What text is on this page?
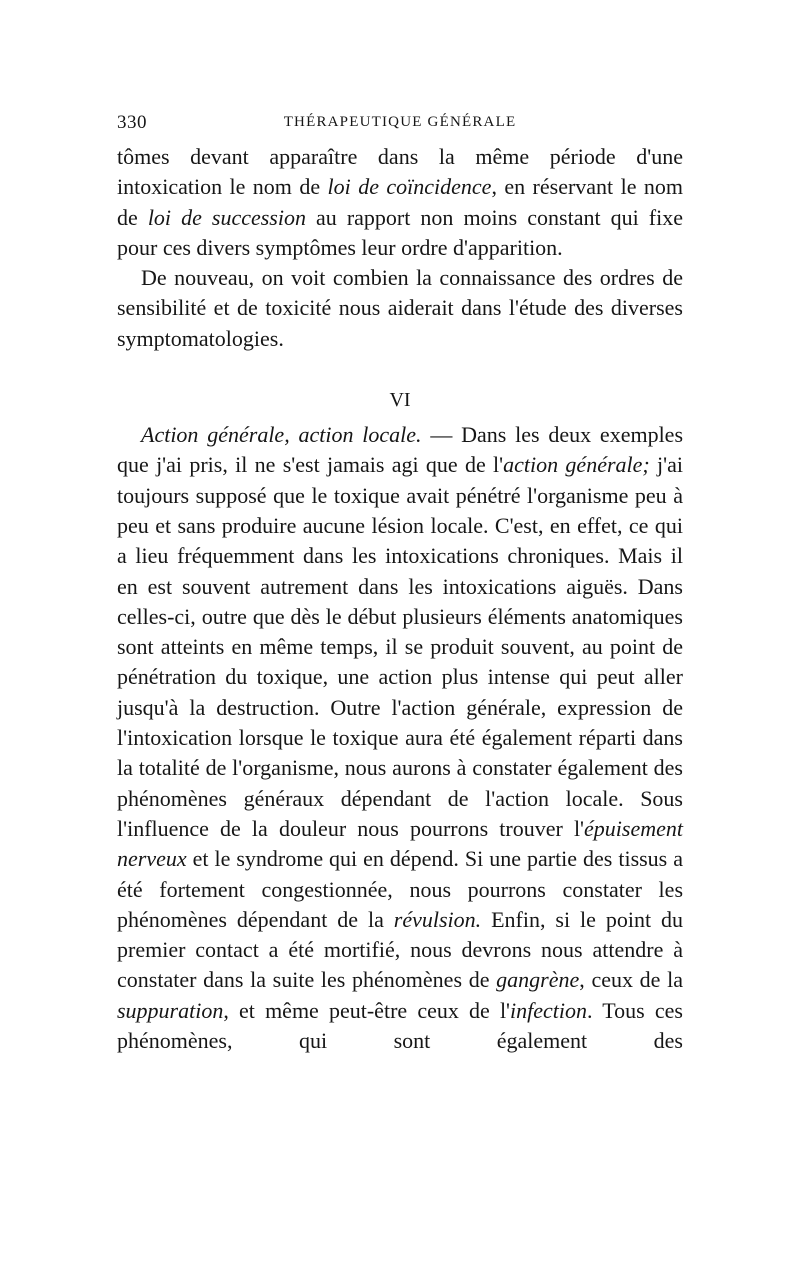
330	THÉRAPEUTIQUE GÉNÉRALE

tômes devant apparaître dans la même période d'une intoxication le nom de loi de coïncidence, en réservant le nom de loi de succession au rapport non moins constant qui fixe pour ces divers symptômes leur ordre d'apparition.

De nouveau, on voit combien la connaissance des ordres de sensibilité et de toxicité nous aiderait dans l'étude des diverses symptomatologies.

VI

Action générale, action locale. — Dans les deux exemples que j'ai pris, il ne s'est jamais agi que de l'action générale; j'ai toujours supposé que le toxique avait pénétré l'organisme peu à peu et sans produire aucune lésion locale. C'est, en effet, ce qui a lieu fréquemment dans les intoxications chroniques. Mais il en est souvent autrement dans les intoxications aiguës. Dans celles-ci, outre que dès le début plusieurs éléments anatomiques sont atteints en même temps, il se produit souvent, au point de pénétration du toxique, une action plus intense qui peut aller jusqu'à la destruction. Outre l'action générale, expression de l'intoxication lorsque le toxique aura été également réparti dans la totalité de l'organisme, nous aurons à constater également des phénomènes généraux dépendant de l'action locale. Sous l'influence de la douleur nous pourrons trouver l'épuisement nerveux et le syndrome qui en dépend. Si une partie des tissus a été fortement congestionnée, nous pourrons constater les phénomènes dépendant de la révulsion. Enfin, si le point du premier contact a été mortifié, nous devrons nous attendre à constater dans la suite les phénomènes de gangrène, ceux de la suppuration, et même peut-être ceux de l'infection. Tous ces phénomènes, qui sont également des
